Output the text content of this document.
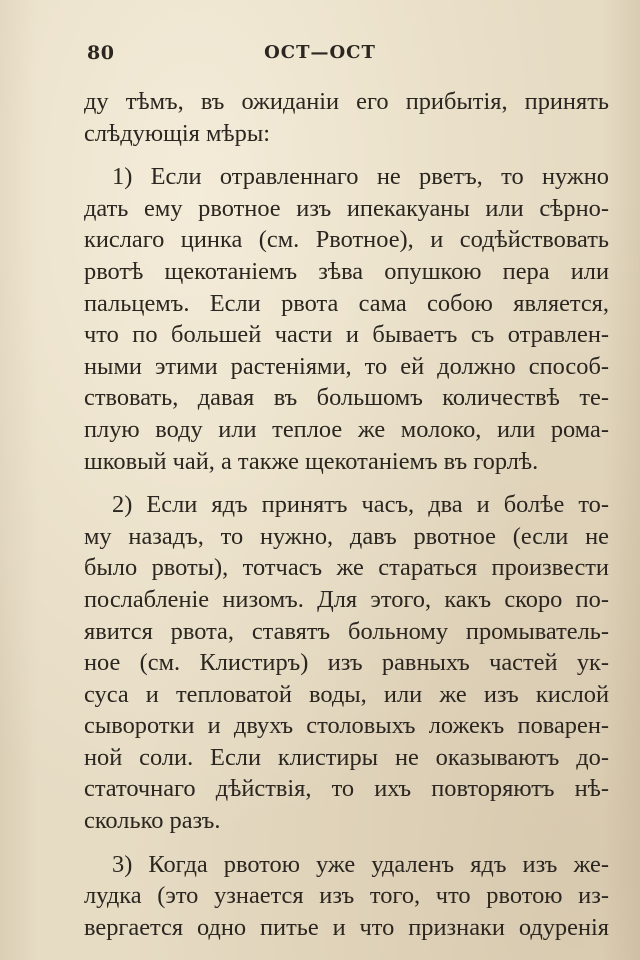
80	ОСТ—ОСТ
ду тѣмъ, въ ожиданіи его прибытія, принять
слѣдующія мѣры:
1) Если отравленнаго не рветъ, то нужно
дать ему рвотное изъ ипекакуаны или сѣрно-
кислаго цинка (см. Рвотное), и содѣйствовать
рвотѣ щекотаніемъ зѣва опушкою пера или
пальцемъ. Если рвота сама собою является,
что по большей части и бываетъ съ отравлен-
ными этими растеніями, то ей должно способ-
ствовать, давая въ большомъ количествѣ те-
плую воду или теплое же молоко, или рома-
шковый чай, а также щекотаніемъ въ горлѣ.
2) Если ядъ принятъ часъ, два и болѣе то-
му назадъ, то нужно, давъ рвотное (если не
было рвоты), тотчасъ же стараться произвести
послабленіе низомъ. Для этого, какъ скоро по-
явится рвота, ставятъ больному промыватель-
ное (см. Клистиръ) изъ равныхъ частей ук-
суса и тепловатой воды, или же изъ кислой
сыворотки и двухъ столовыхъ ложекъ поварен-
ной соли. Если клистиры не оказываютъ до-
статочнаго дѣйствія, то ихъ повторяютъ нѣ-
сколько разъ.
3) Когда рвотою уже удаленъ ядъ изъ же-
лудка (это узнается изъ того, что рвотою из-
вергается одно питье и что признаки одуренія
